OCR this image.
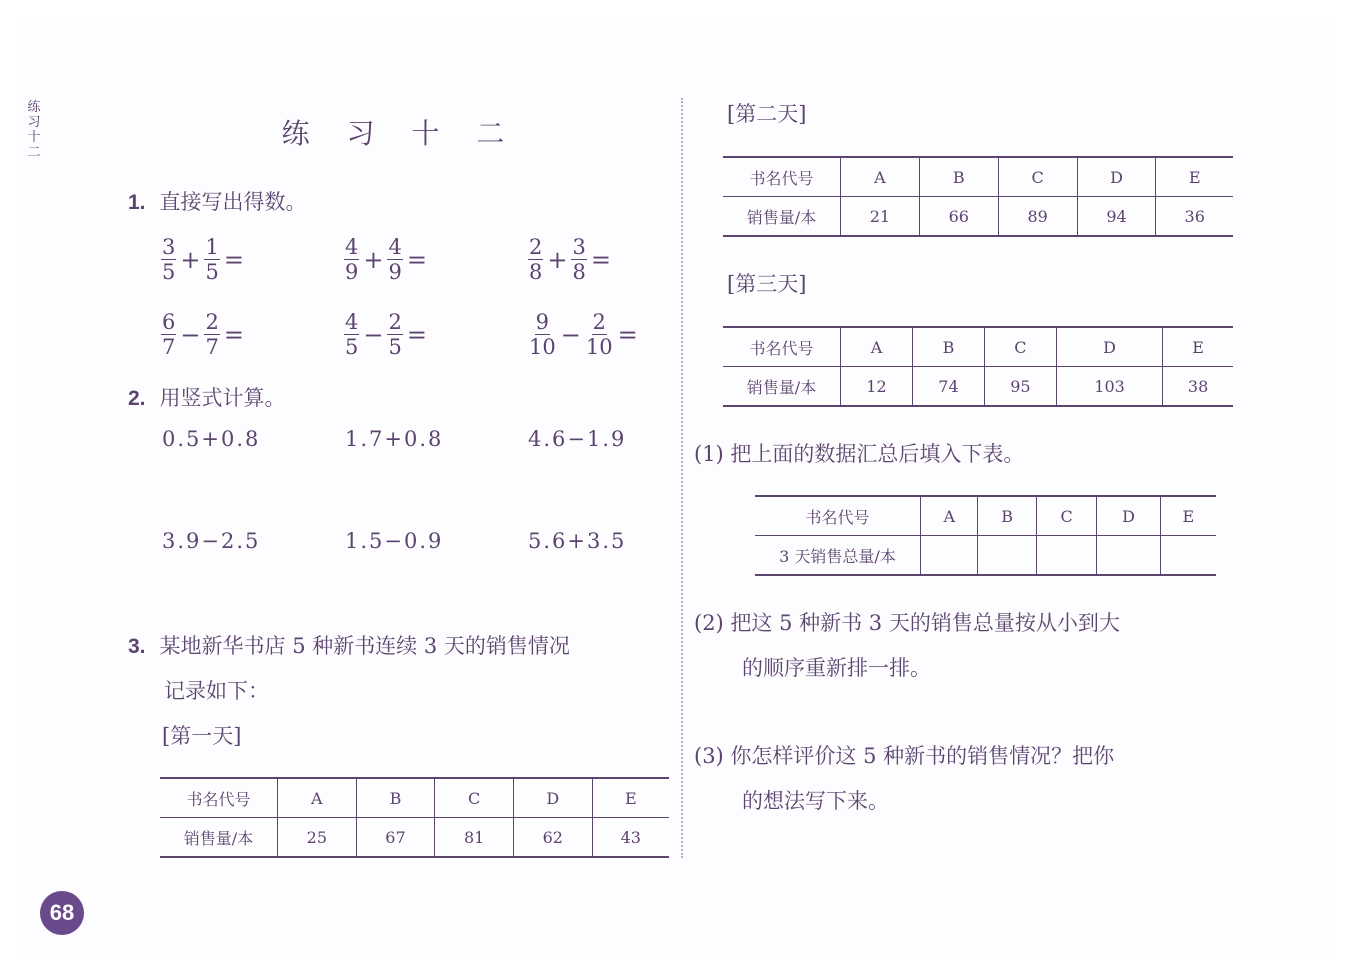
练
习
十
二
练 习 十 二
1. 直接写出得数。
$\frac{3}{5} + \frac{1}{5}$ =	$\frac{4}{9} + \frac{4}{9}$ =	$\frac{2}{8} + \frac{3}{8}$ =
$\frac{6}{7} - \frac{2}{7}$ =	$\frac{4}{5} - \frac{2}{5}$ =	$\frac{9}{10} - \frac{2}{10}$ =
2. 用竖式计算。
0.5+0.8	1.7+0.8	4.6−1.9
3.9−2.5	1.5−0.9	5.6+3.5
3. 某地新华书店 5 种新书连续 3 天的销售情况
记录如下：
[第一天]
书名代号	A	B	C	D	E
销售量/本	25	67	81	62	43
[第二天]
书名代号	A	B	C	D	E
销售量/本	21	66	89	94	36
[第三天]
书名代号	A	B	C	D	E
销售量/本	12	74	95	103	38
(1) 把上面的数据汇总后填入下表。
书名代号	A	B	C	D	E
3 天销售总量/本					
(2) 把这 5 种新书 3 天的销售总量按从小到大
的顺序重新排一排。
(3) 你怎样评价这 5 种新书的销售情况？把你
的想法写下来。
68
